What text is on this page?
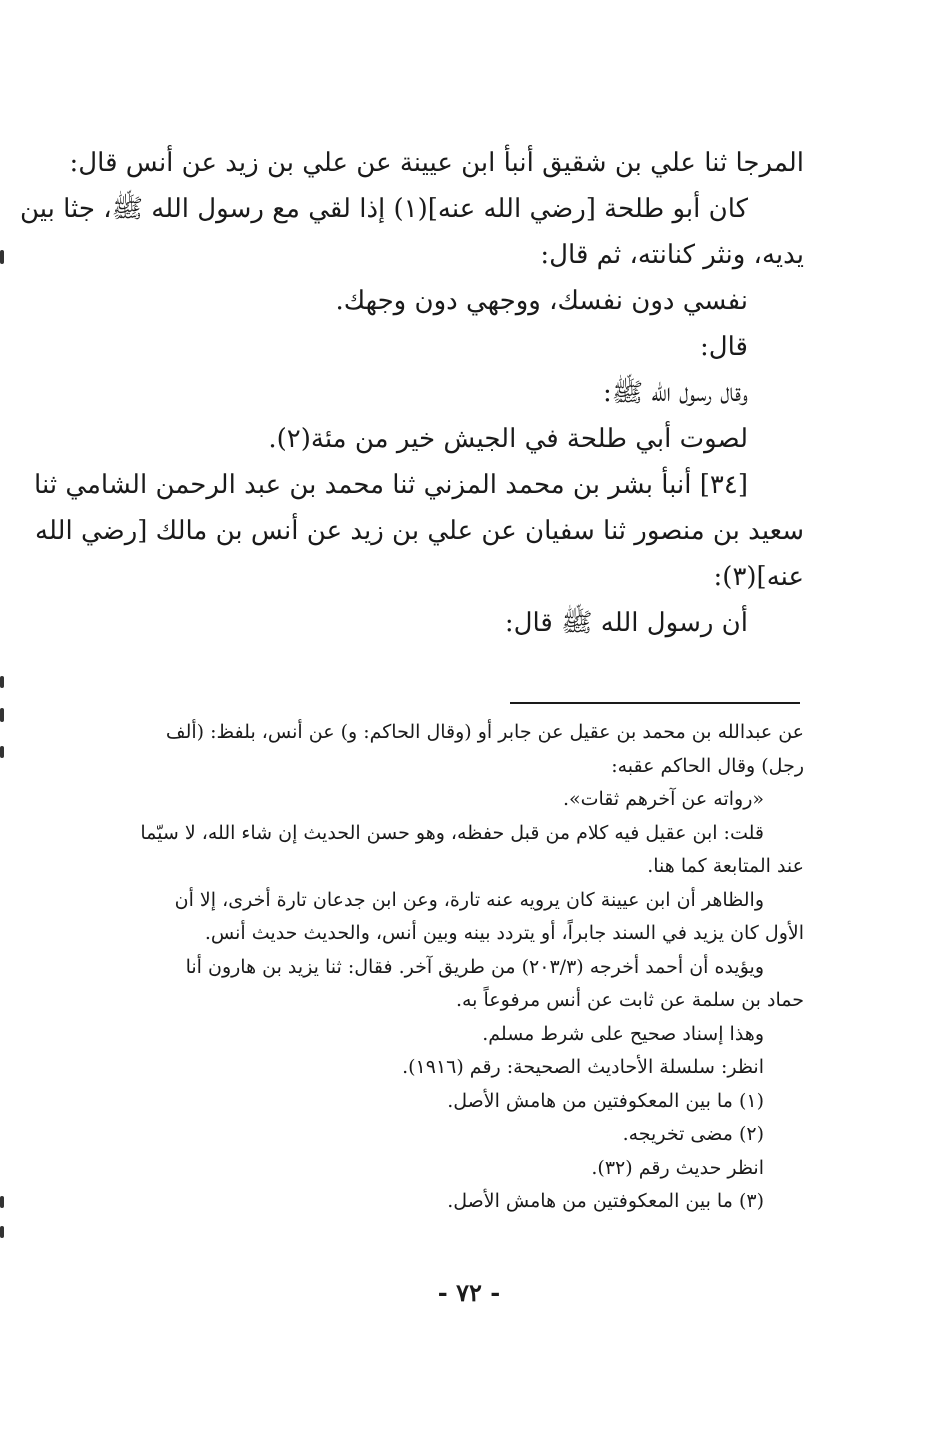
المرجا ثنا علي بن شقيق أنبأ ابن عيينة عن علي بن زيد عن أنس قال:

كان أبو طلحة [رضي الله عنه](١) إذا لقي مع رسول الله ﷺ، جثا بين

يديه، ونثر كنانته، ثم قال:

نفسي دون نفسك، ووجهي دون وجهك.

قال:

وقال رسول الله ﷺ:

لصوت أبي طلحة في الجيش خير من مئة(٢).

[٣٤] أنبأ بشر بن محمد المزني ثنا محمد بن عبد الرحمن الشامي ثنا

سعيد بن منصور ثنا سفيان عن علي بن زيد عن أنس بن مالك [رضي الله

عنه](٣):

أن رسول الله ﷺ قال:

عن عبدالله بن محمد بن عقيل عن جابر أو (وقال الحاكم: و) عن أنس، بلفظ: (ألف

رجل) وقال الحاكم عقبه:

«رواته عن آخرهم ثقات».

قلت: ابن عقيل فيه كلام من قبل حفظه، وهو حسن الحديث إن شاء الله، لا سيّما

عند المتابعة كما هنا.

والظاهر أن ابن عيينة كان يرويه عنه تارة، وعن ابن جدعان تارة أخرى، إلا أن

الأول كان يزيد في السند جابراً، أو يتردد بينه وبين أنس، والحديث حديث أنس.

ويؤيده أن أحمد أخرجه (٢٠٣/٣) من طريق آخر. فقال: ثنا يزيد بن هارون أنا

حماد بن سلمة عن ثابت عن أنس مرفوعاً به.

وهذا إسناد صحيح على شرط مسلم.

انظر: سلسلة الأحاديث الصحيحة: رقم (١٩١٦).

(١) ما بين المعكوفتين من هامش الأصل.

(٢) مضى تخريجه.

انظر حديث رقم (٣٢).

(٣) ما بين المعكوفتين من هامش الأصل.

- ٧٢ -
